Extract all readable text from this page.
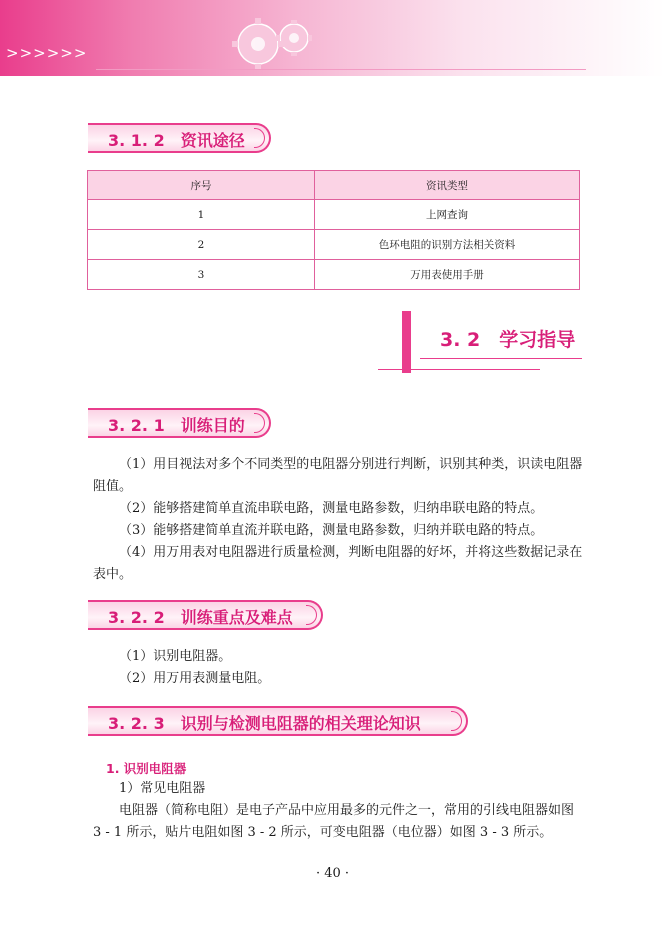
>>>>>>
3. 1. 2　资讯途径
序号	资讯类型
1	上网查询
2	色环电阻的识别方法相关资料
3	万用表使用手册
3. 2　学习指导
3. 2. 1　训练目的
（1）用目视法对多个不同类型的电阻器分别进行判断，识别其种类，识读电阻器阻值。
（2）能够搭建简单直流串联电路，测量电路参数，归纳串联电路的特点。
（3）能够搭建简单直流并联电路，测量电路参数，归纳并联电路的特点。
（4）用万用表对电阻器进行质量检测，判断电阻器的好坏，并将这些数据记录在表中。
3. 2. 2　训练重点及难点
（1）识别电阻器。
（2）用万用表测量电阻。
3. 2. 3　识别与检测电阻器的相关理论知识
1. 识别电阻器
1）常见电阻器
电阻器（简称电阻）是电子产品中应用最多的元件之一，常用的引线电阻器如图 3 - 1 所示，贴片电阻如图 3 - 2 所示，可变电阻器（电位器）如图 3 - 3 所示。
· 40 ·
